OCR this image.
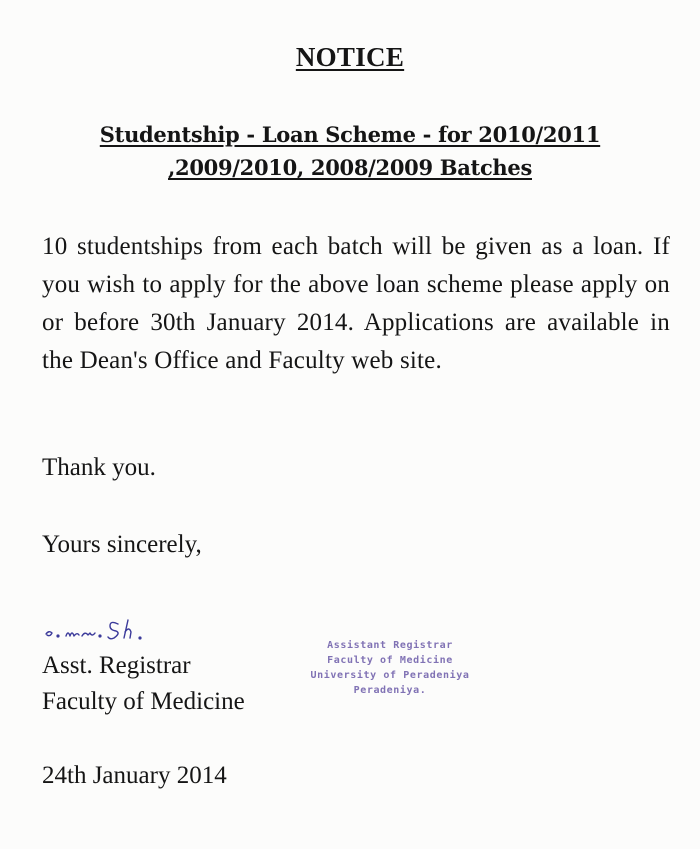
NOTICE
Studentship - Loan Scheme - for 2010/2011
,2009/2010, 2008/2009 Batches
10 studentships from each batch will be given as a loan. If you wish to apply for the above loan scheme please apply on or before 30th January 2014. Applications are available in the Dean's Office and Faculty web site.
Thank you.
Yours sincerely,
Asst. Registrar
Faculty of Medicine
Assistant Registrar
Faculty of Medicine
University of Peradeniya
Peradeniya.
24th January 2014
